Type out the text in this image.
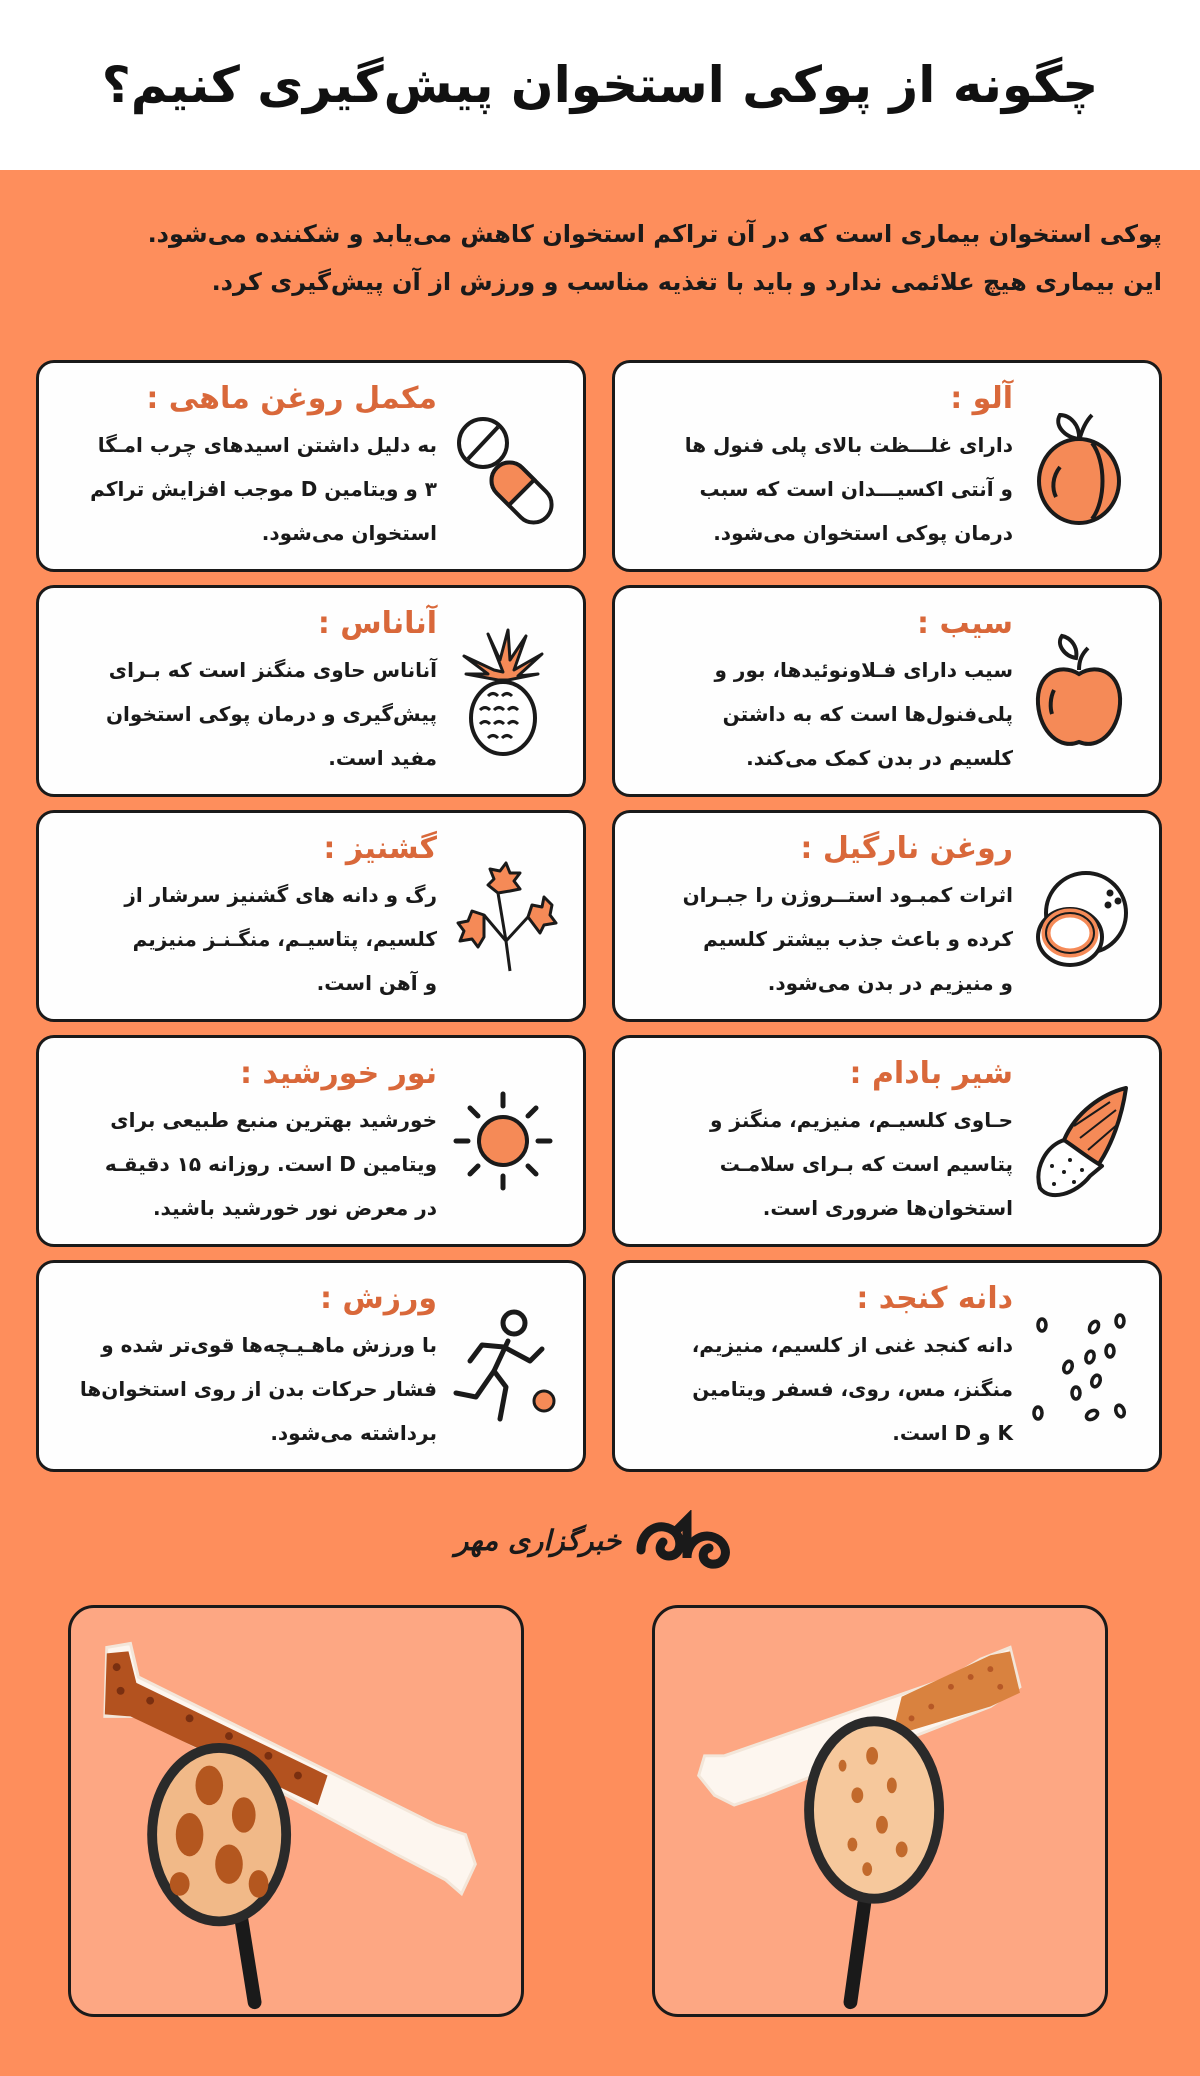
چگونه از پوکی استخوان پیش‌گیری کنیم؟
پوکی استخوان بیماری است که در آن تراکم استخوان کاهش می‌یابد و شکننده می‌شود.
این بیماری هیچ علائمی ندارد و باید با تغذیه مناسب و ورزش از آن پیش‌گیری کرد.
آلو :
دارای غلـــظت بالای پلی فنول ها
و آنتی اکسیـــدان است که سبب
درمان پوکی استخوان می‌شود.
مکمل روغن ماهی :
به دلیل داشتن اسیدهای چرب امـگا
۳ و ویتامین D موجب افزایش تراکم
استخوان می‌شود.
سیب :
سیب دارای فـلاونوئیدها، بور و
پلی‌فنول‌ها است که به داشتن
کلسیم در بدن کمک می‌کند.
آناناس :
آناناس حاوی منگنز است که بـرای
پیش‌گیری و درمان پوکی استخوان
مفید است.
روغن نارگیل :
اثرات کمبـود استــروژن را جبـران
کرده و باعث جذب بیشتر کلسیم
و منیزیم در بدن می‌شود.
گشنیز :
رگ و دانه های گشنیز سرشار از
کلسیم، پتاسیـم، منگـنـز منیزیم
و آهن است.
شیر بادام :
حـاوی کلسیـم، منیزیم، منگنز و
پتاسیم است که بـرای سلامـت
استخوان‌ها ضروری است.
نور خورشید :
خورشید بهترین منبع طبیعی برای
ویتامین D است. روزانه ۱۵ دقیقـه
در معرض نور خورشید باشید.
دانه کنجد :
دانه کنجد غنی از کلسیم، منیزیم،
منگنز، مس، روی، فسفر ویتامین
K و D است.
ورزش :
با ورزش ماهـیـچه‌ها قوی‌تر شده و
فشار حرکات بدن از روی استخوان‌ها
برداشته می‌شود.
خبرگزاری مهر
